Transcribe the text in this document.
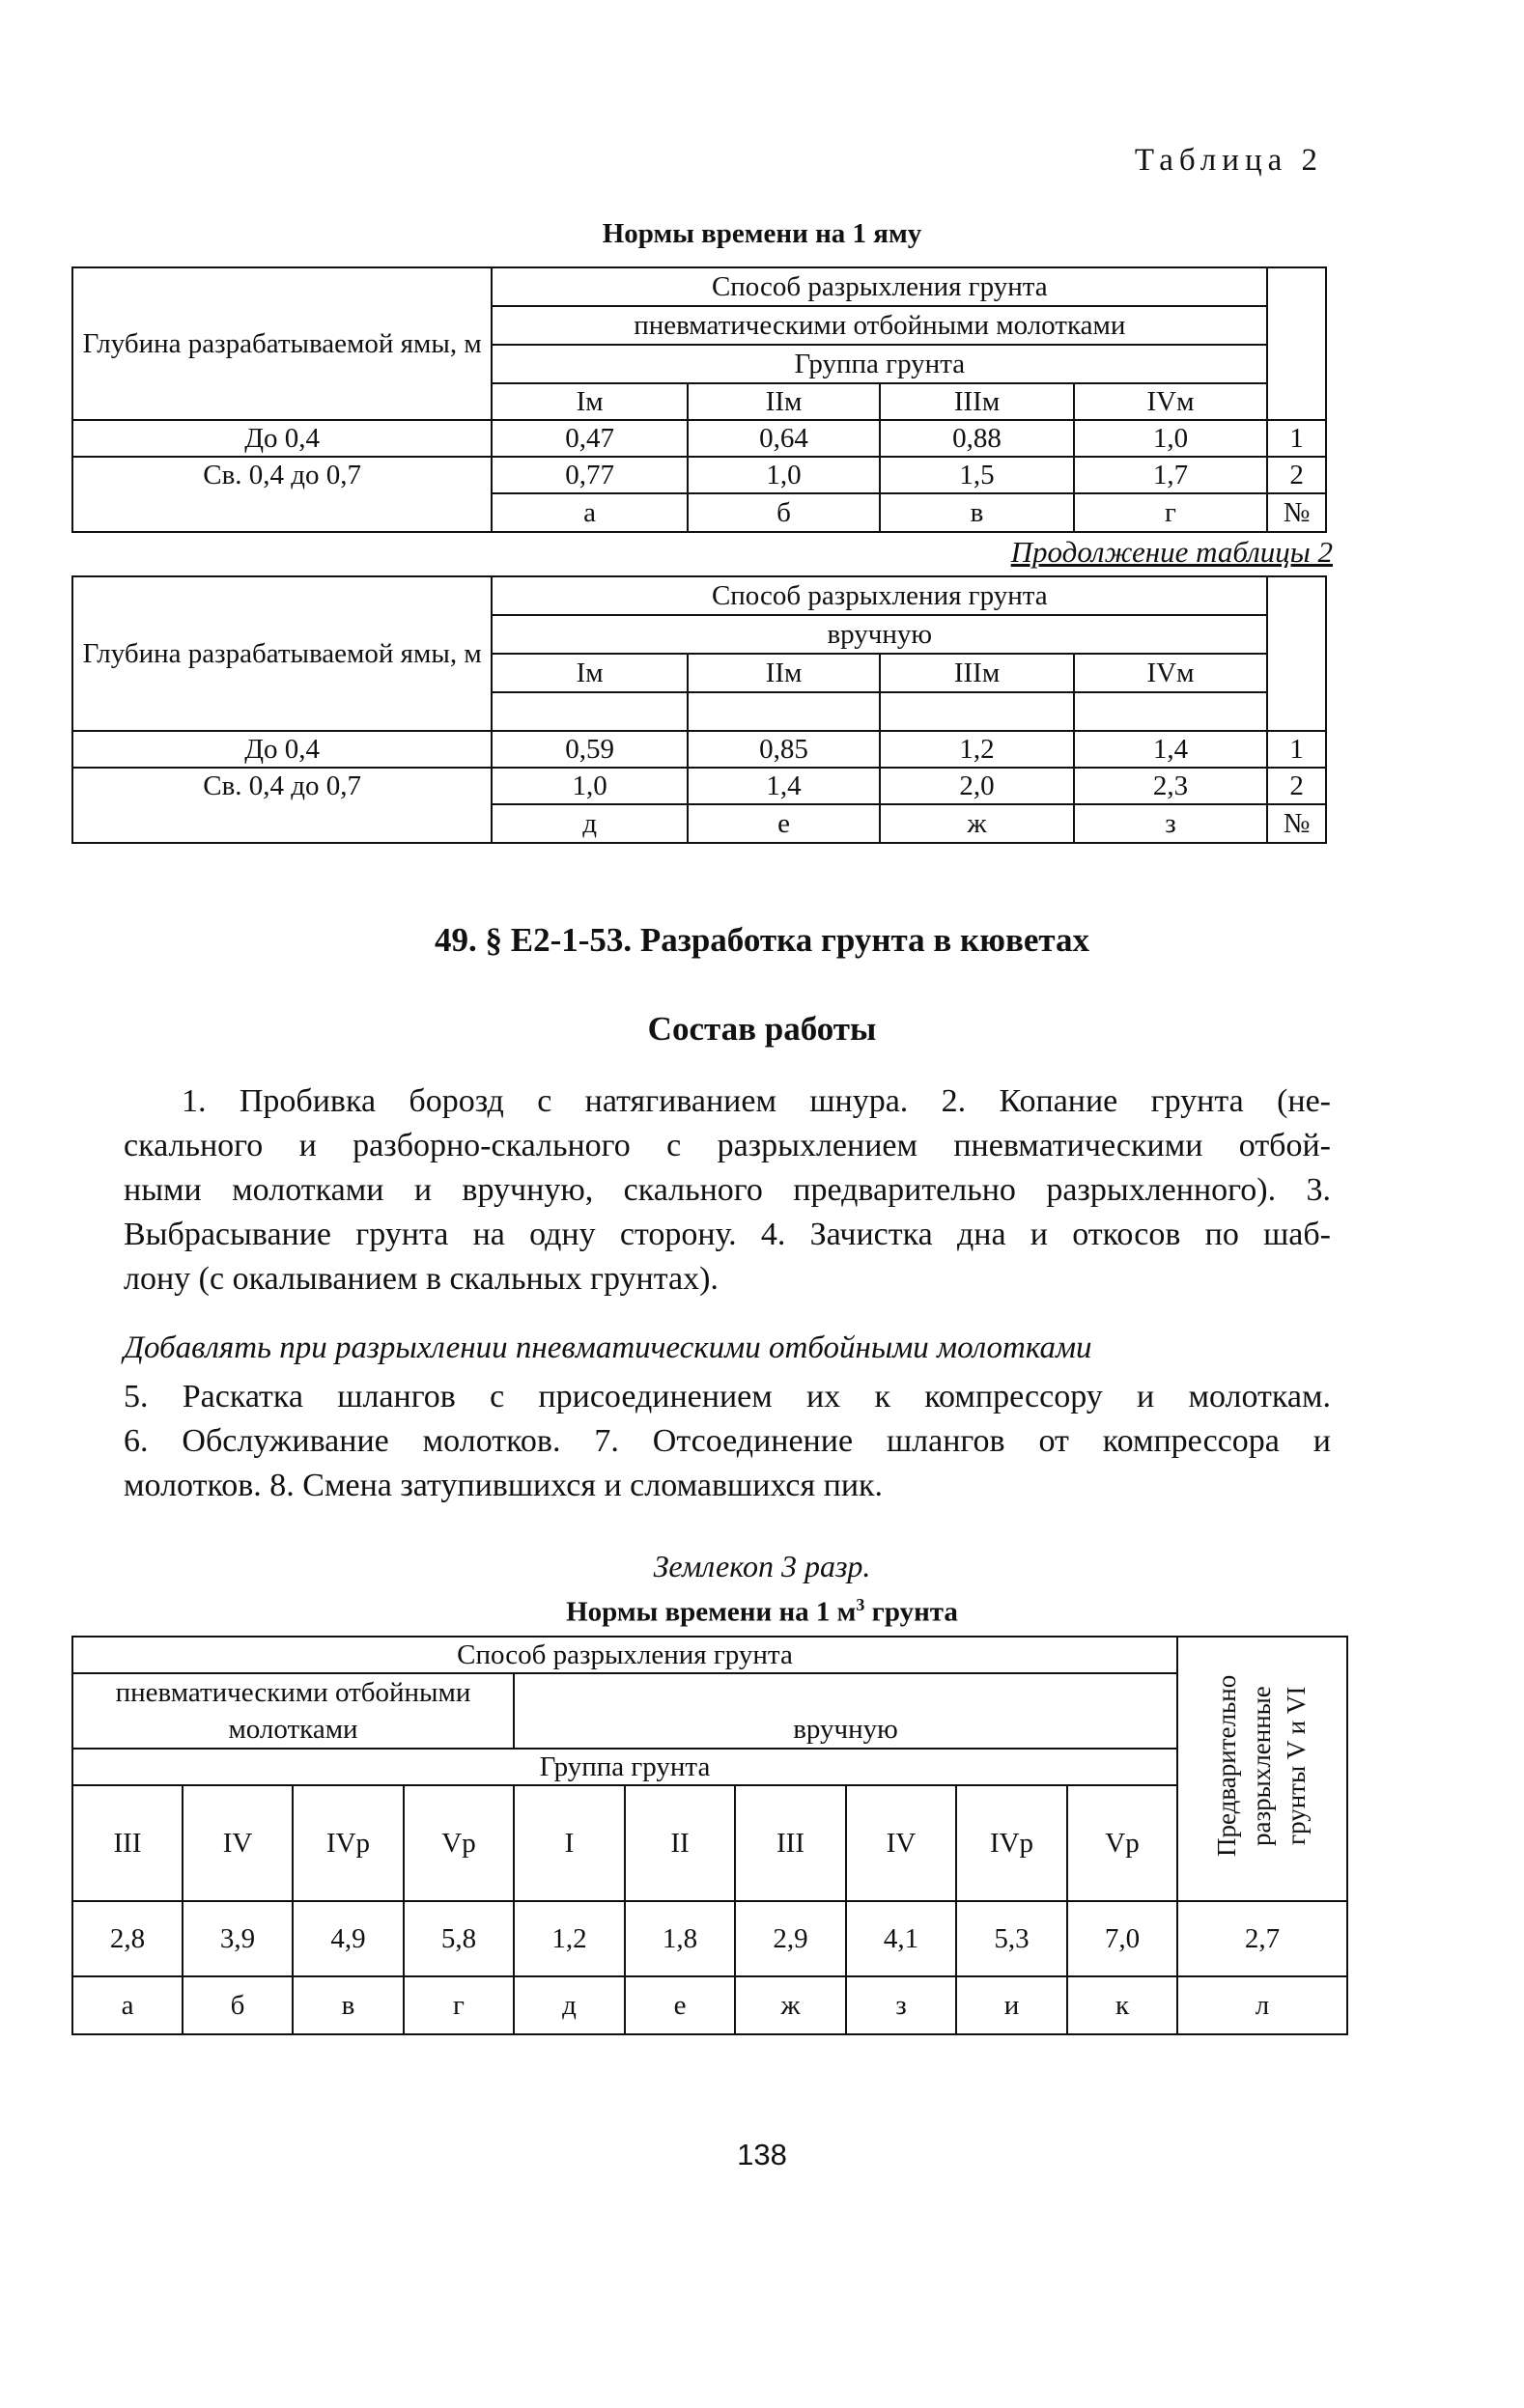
Таблица 2
Нормы времени на 1 яму
Глубина разрабатываемой ямы, м	Способ разрыхления грунта				
	пневматическими отбойными молотками				
	Группа грунта				
	Iм	IIм	IIIм	IVм	
До 0,4	0,47	0,64	0,88	1,0	1
Св. 0,4 до 0,7	0,77	1,0	1,5	1,7	2
	а	б	в	г	№
Продолжение таблицы 2
Глубина разрабатываемой ямы, м	Способ разрыхления грунта				
	вручную				
	Iм	IIм	IIIм	IVм	

До 0,4	0,59	0,85	1,2	1,4	1
Св. 0,4 до 0,7	1,0	1,4	2,0	2,3	2
	д	е	ж	з	№
49. § Е2-1-53. Разработка грунта в кюветах
Состав работы
1. Пробивка борозд с натягиванием шнура. 2. Копание грунта (не-
скального и разборно-скального с разрыхлением пневматическими отбой-
ными молотками и вручную, скального предварительно разрыхленного). 3.
Выбрасывание грунта на одну сторону. 4. Зачистка дна и откосов по шаб-
лону (с окалыванием в скальных грунтах).
Добавлять при разрыхлении пневматическими отбойными молотками
5. Раскатка шлангов с присоединением их к компрессору и молоткам.
6. Обслуживание молотков. 7. Отсоединение шлангов от компрессора и
молотков. 8. Смена затупившихся и сломавшихся пик.
Землекоп 3 разр.
Нормы времени на 1 $м^3$ грунта
Способ разрыхления грунта										Предварительно разрыхленные грунты V и VI
пневматическими отбойными молотками				вручную						
Группа грунта										
III	IV	IVр	Vр	I	II	III	IV	IVр	Vр	
2,8	3,9	4,9	5,8	1,2	1,8	2,9	4,1	5,3	7,0	2,7
а	б	в	г	д	е	ж	з	и	к	л
138
